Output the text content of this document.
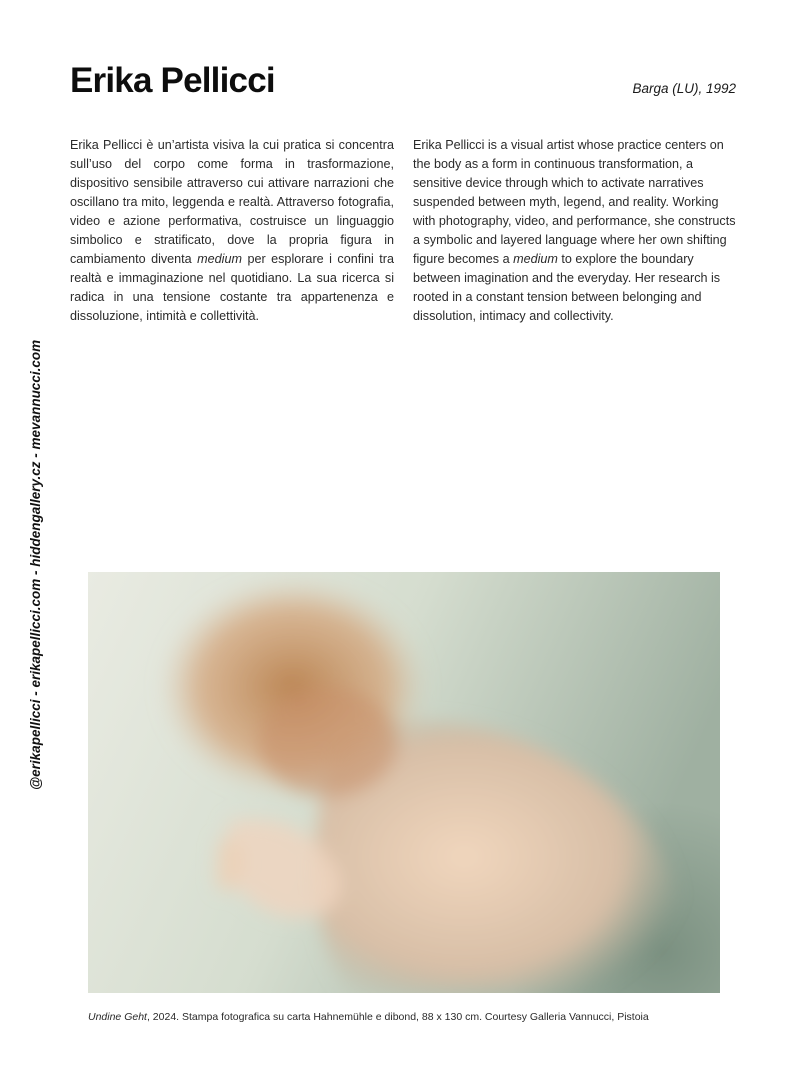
Erika Pellicci	Barga (LU), 1992

Erika Pellicci è un’artista visiva la cui pratica si concentra sull’uso del corpo come forma in trasformazione, dispositivo sensibile attraverso cui attivare narrazioni che oscillano tra mito, leggenda e realtà. Attraverso fotografia, video e azione performativa, costruisce un linguaggio simbolico e stratificato, dove la propria figura in cambiamento diventa medium per esplorare i confini tra realtà e immaginazione nel quotidiano. La sua ricerca si radica in una tensione costante tra appartenenza e dissoluzione, intimità e collettività.

Erika Pellicci is a visual artist whose practice centers on the body as a form in continuous transformation, a sensitive device through which to activate narratives suspended between myth, legend, and reality. Working with photography, video, and performance, she constructs a symbolic and layered language where her own shifting figure becomes a medium to explore the boundary between imagination and the everyday. Her research is rooted in a constant tension between belonging and dissolution, intimacy and collectivity.

@erikapellicci - erikapellicci.com - hiddengallery.cz - mevannucci.com
Undine Geht, 2024. Stampa fotografica su carta Hahnemühle e dibond, 88 x 130 cm. Courtesy Galleria Vannucci, Pistoia
